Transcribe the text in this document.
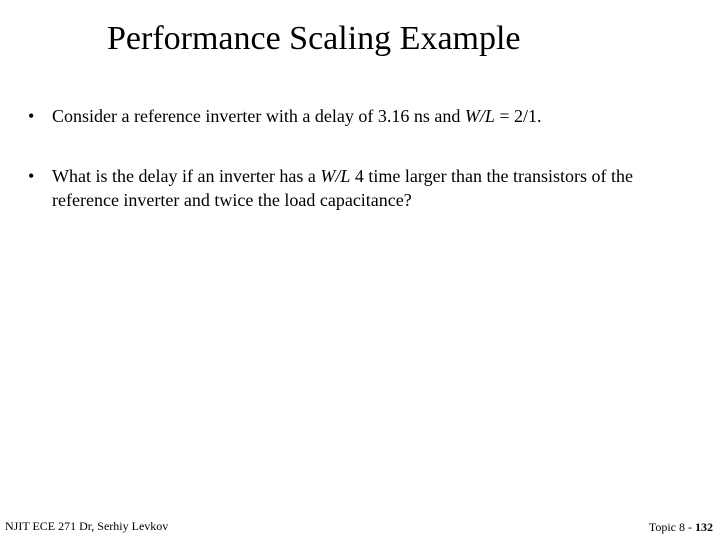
Performance Scaling Example
• Consider a reference inverter with a delay of 3.16 ns and W/L = 2/1.
• What is the delay if an inverter has a W/L 4 time larger than the transistors of the reference inverter and twice the load capacitance?
NJIT ECE 271 Dr, Serhiy Levkov	Topic 8 - 132
